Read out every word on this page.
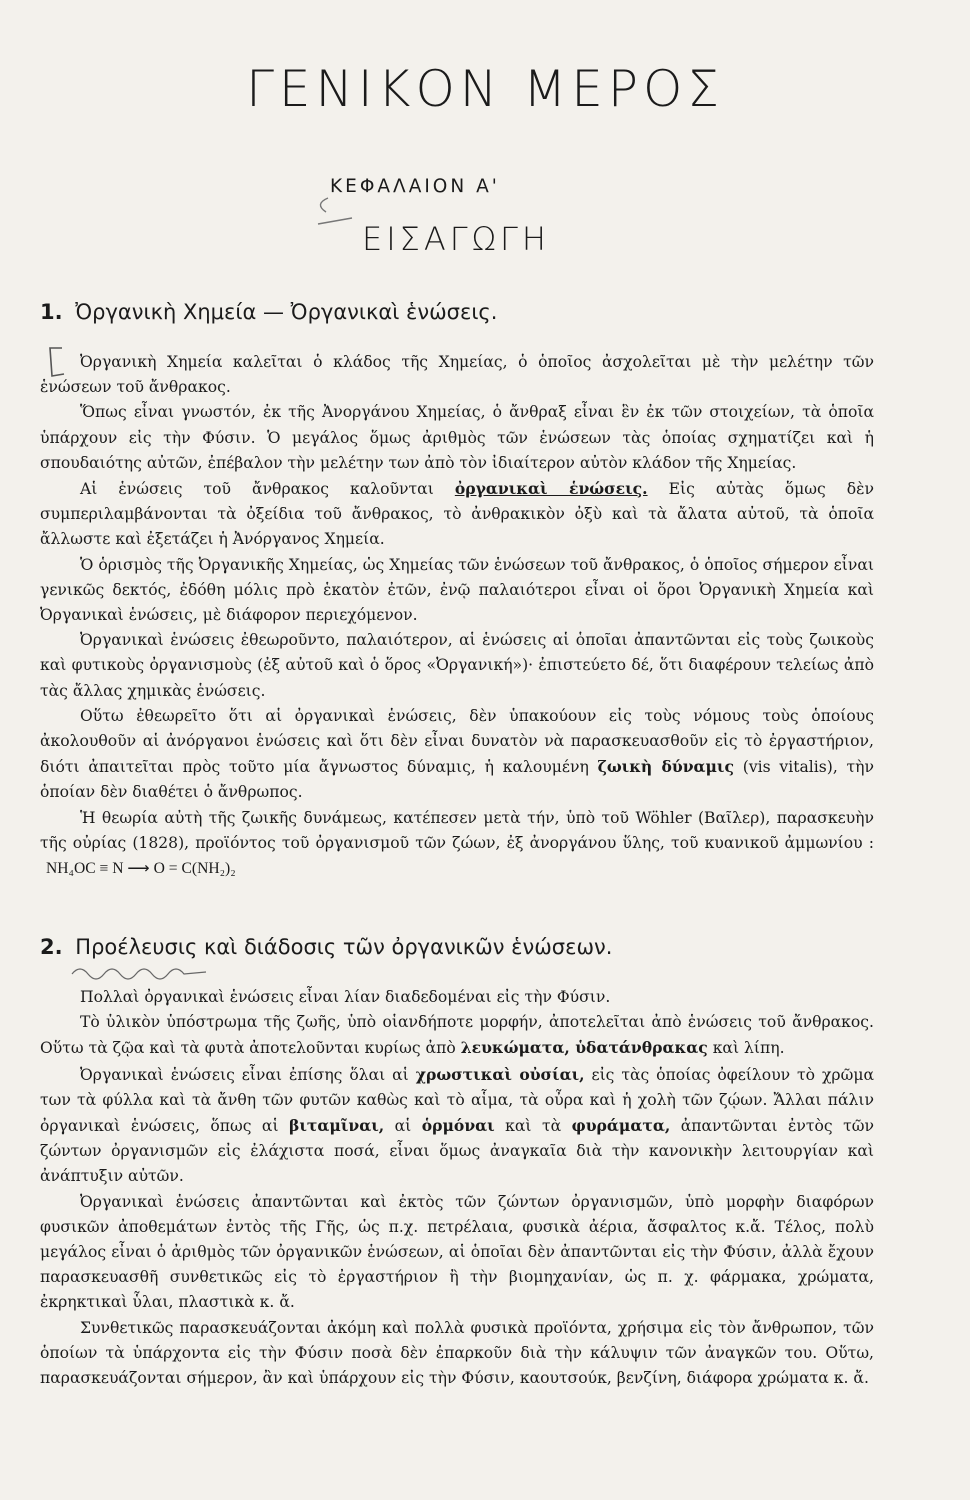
ΓΕΝΙΚΟΝ ΜΕΡΟΣ
ΚΕΦΑΛΑΙΟΝ Α'
ΕΙΣΑΓΩΓΗ
1. Ὀργανικὴ Χημεία — Ὀργανικαὶ ἑνώσεις.

Ὀργανικὴ Χημεία καλεῖται ὁ κλάδος τῆς Χημείας, ὁ ὁποῖος ἀσχολεῖται μὲ τὴν μελέτην τῶν ἑνώσεων τοῦ ἄνθρακος.

Ὅπως εἶναι γνωστόν, ἐκ τῆς Ἀνοργάνου Χημείας, ὁ ἄνθραξ εἶναι ἓν ἐκ τῶν στοιχείων, τὰ ὁποῖα ὑπάρχουν εἰς τὴν Φύσιν. Ὁ μεγάλος ὅμως ἀριθμὸς τῶν ἑνώσεων τὰς ὁποίας σχηματίζει καὶ ἡ σπουδαιότης αὐτῶν, ἐπέβαλον τὴν μελέτην των ἀπὸ τὸν ἰδιαίτερον αὐτὸν κλάδον τῆς Χημείας.

Αἱ ἑνώσεις τοῦ ἄνθρακος καλοῦνται ὀργανικαὶ ἑνώσεις. Εἰς αὐτὰς ὅμως δὲν συμπεριλαμβάνονται τὰ ὀξείδια τοῦ ἄνθρακος, τὸ ἀνθρακικὸν ὀξὺ καὶ τὰ ἄλατα αὐτοῦ, τὰ ὁποῖα ἄλλωστε καὶ ἐξετάζει ἡ Ἀνόργανος Χημεία.

Ὁ ὁρισμὸς τῆς Ὀργανικῆς Χημείας, ὡς Χημείας τῶν ἑνώσεων τοῦ ἄνθρακος, ὁ ὁποῖος σήμερον εἶναι γενικῶς δεκτός, ἐδόθη μόλις πρὸ ἑκατὸν ἐτῶν, ἐνῷ παλαιότεροι εἶναι οἱ ὅροι Ὀργανικὴ Χημεία καὶ Ὀργανικαὶ ἑνώσεις, μὲ διάφορον περιεχόμενον.

Ὀργανικαὶ ἑνώσεις ἐθεωροῦντο, παλαιότερον, αἱ ἑνώσεις αἱ ὁποῖαι ἀπαντῶνται εἰς τοὺς ζωικοὺς καὶ φυτικοὺς ὀργανισμοὺς (ἐξ αὐτοῦ καὶ ὁ ὅρος «Ὀργανική»)· ἐπιστεύετο δέ, ὅτι διαφέρουν τελείως ἀπὸ τὰς ἄλλας χημικὰς ἑνώσεις.

Οὕτω ἐθεωρεῖτο ὅτι αἱ ὀργανικαὶ ἑνώσεις, δὲν ὑπακούουν εἰς τοὺς νόμους τοὺς ὁποίους ἀκολουθοῦν αἱ ἀνόργανοι ἑνώσεις καὶ ὅτι δὲν εἶναι δυνατὸν νὰ παρασκευασθοῦν εἰς τὸ ἐργαστήριον, διότι ἀπαιτεῖται πρὸς τοῦτο μία ἄγνωστος δύναμις, ἡ καλουμένη ζωικὴ δύναμις (vis vitalis), τὴν ὁποίαν δὲν διαθέτει ὁ ἄνθρωπος.

Ἡ θεωρία αὐτὴ τῆς ζωικῆς δυνάμεως, κατέπεσεν μετὰ τήν, ὑπὸ τοῦ Wöhler (Βαῖλερ), παρασκευὴν τῆς οὐρίας (1828), προϊόντος τοῦ ὀργανισμοῦ τῶν ζώων, ἐξ ἀνοργάνου ὕλης, τοῦ κυανικοῦ ἀμμωνίου : NH₄OC ≡ N ⟶ O = C(NH₂)₂

2. Προέλευσις καὶ διάδοσις τῶν ὀργανικῶν ἑνώσεων.

Πολλαὶ ὀργανικαὶ ἑνώσεις εἶναι λίαν διαδεδομέναι εἰς τὴν Φύσιν.

Τὸ ὑλικὸν ὑπόστρωμα τῆς ζωῆς, ὑπὸ οἱανδήποτε μορφήν, ἀποτελεῖται ἀπὸ ἑνώσεις τοῦ ἄνθρακος. Οὕτω τὰ ζῷα καὶ τὰ φυτὰ ἀποτελοῦνται κυρίως ἀπὸ λευκώματα, ὑδατάνθρακας καὶ λίπη.

Ὀργανικαὶ ἑνώσεις εἶναι ἐπίσης ὅλαι αἱ χρωστικαὶ οὐσίαι, εἰς τὰς ὁποίας ὀφείλουν τὸ χρῶμα των τὰ φύλλα καὶ τὰ ἄνθη τῶν φυτῶν καθὼς καὶ τὸ αἷμα, τὰ οὖρα καὶ ἡ χολὴ τῶν ζῴων. Ἄλλαι πάλιν ὀργανικαὶ ἑνώσεις, ὅπως αἱ βιταμῖναι, αἱ ὁρμόναι καὶ τὰ φυράματα, ἀπαντῶνται ἐντὸς τῶν ζώντων ὀργανισμῶν εἰς ἐλάχιστα ποσά, εἶναι ὅμως ἀναγκαῖα διὰ τὴν κανονικὴν λειτουργίαν καὶ ἀνάπτυξιν αὐτῶν.

Ὀργανικαὶ ἑνώσεις ἀπαντῶνται καὶ ἐκτὸς τῶν ζώντων ὀργανισμῶν, ὑπὸ μορφὴν διαφόρων φυσικῶν ἀποθεμάτων ἐντὸς τῆς Γῆς, ὡς π.χ. πετρέλαια, φυσικὰ ἀέρια, ἄσφαλτος κ.ἄ. Τέλος, πολὺ μεγάλος εἶναι ὁ ἀριθμὸς τῶν ὀργανικῶν ἑνώσεων, αἱ ὁποῖαι δὲν ἀπαντῶνται εἰς τὴν Φύσιν, ἀλλὰ ἔχουν παρασκευασθῆ συνθετικῶς εἰς τὸ ἐργαστήριον ἢ τὴν βιομηχανίαν, ὡς π. χ. φάρμακα, χρώματα, ἐκρηκτικαὶ ὗλαι, πλαστικὰ κ. ἄ.

Συνθετικῶς παρασκευάζονται ἀκόμη καὶ πολλὰ φυσικὰ προϊόντα, χρήσιμα εἰς τὸν ἄνθρωπον, τῶν ὁποίων τὰ ὑπάρχοντα εἰς τὴν Φύσιν ποσὰ δὲν ἐπαρκοῦν διὰ τὴν κάλυψιν τῶν ἀναγκῶν του. Οὕτω, παρασκευάζονται σήμερον, ἂν καὶ ὑπάρχουν εἰς τὴν Φύσιν, καουτσούκ, βενζίνη, διάφορα χρώματα κ. ἄ.
